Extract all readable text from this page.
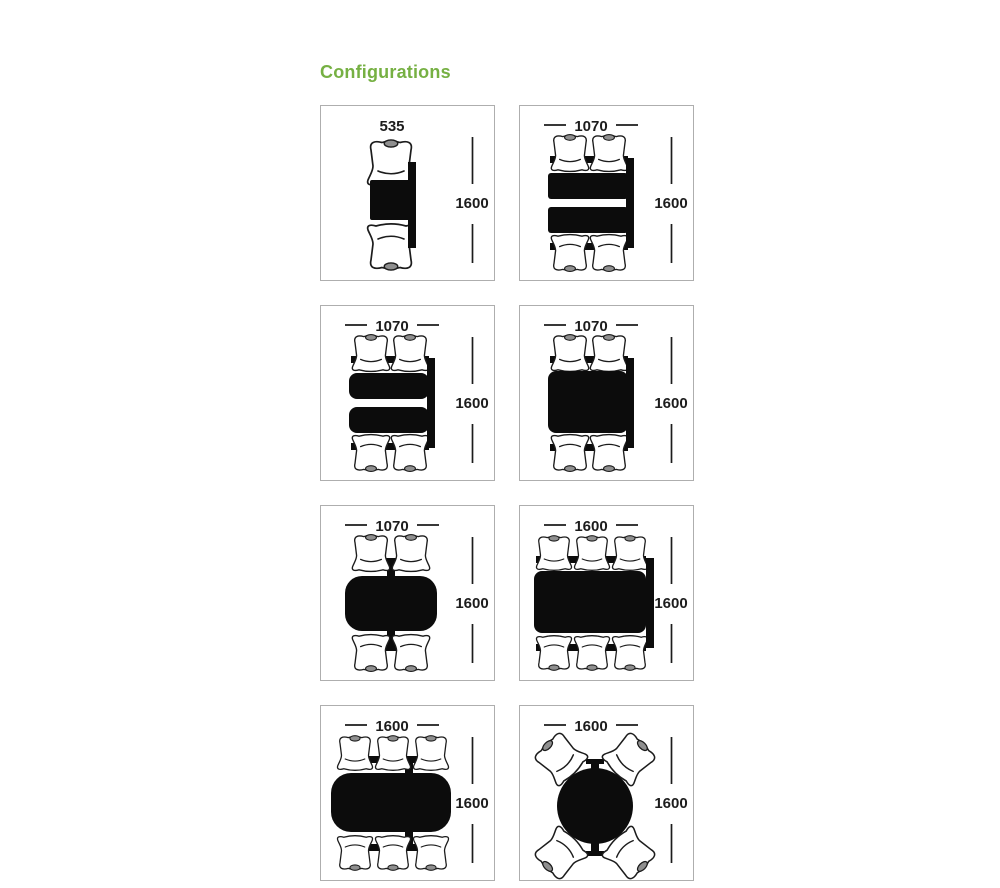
Configurations
535
1600
1070
1600
1070
1600
1070
1600
1070
1600
1600
1600
1600
1600
1600
1600
